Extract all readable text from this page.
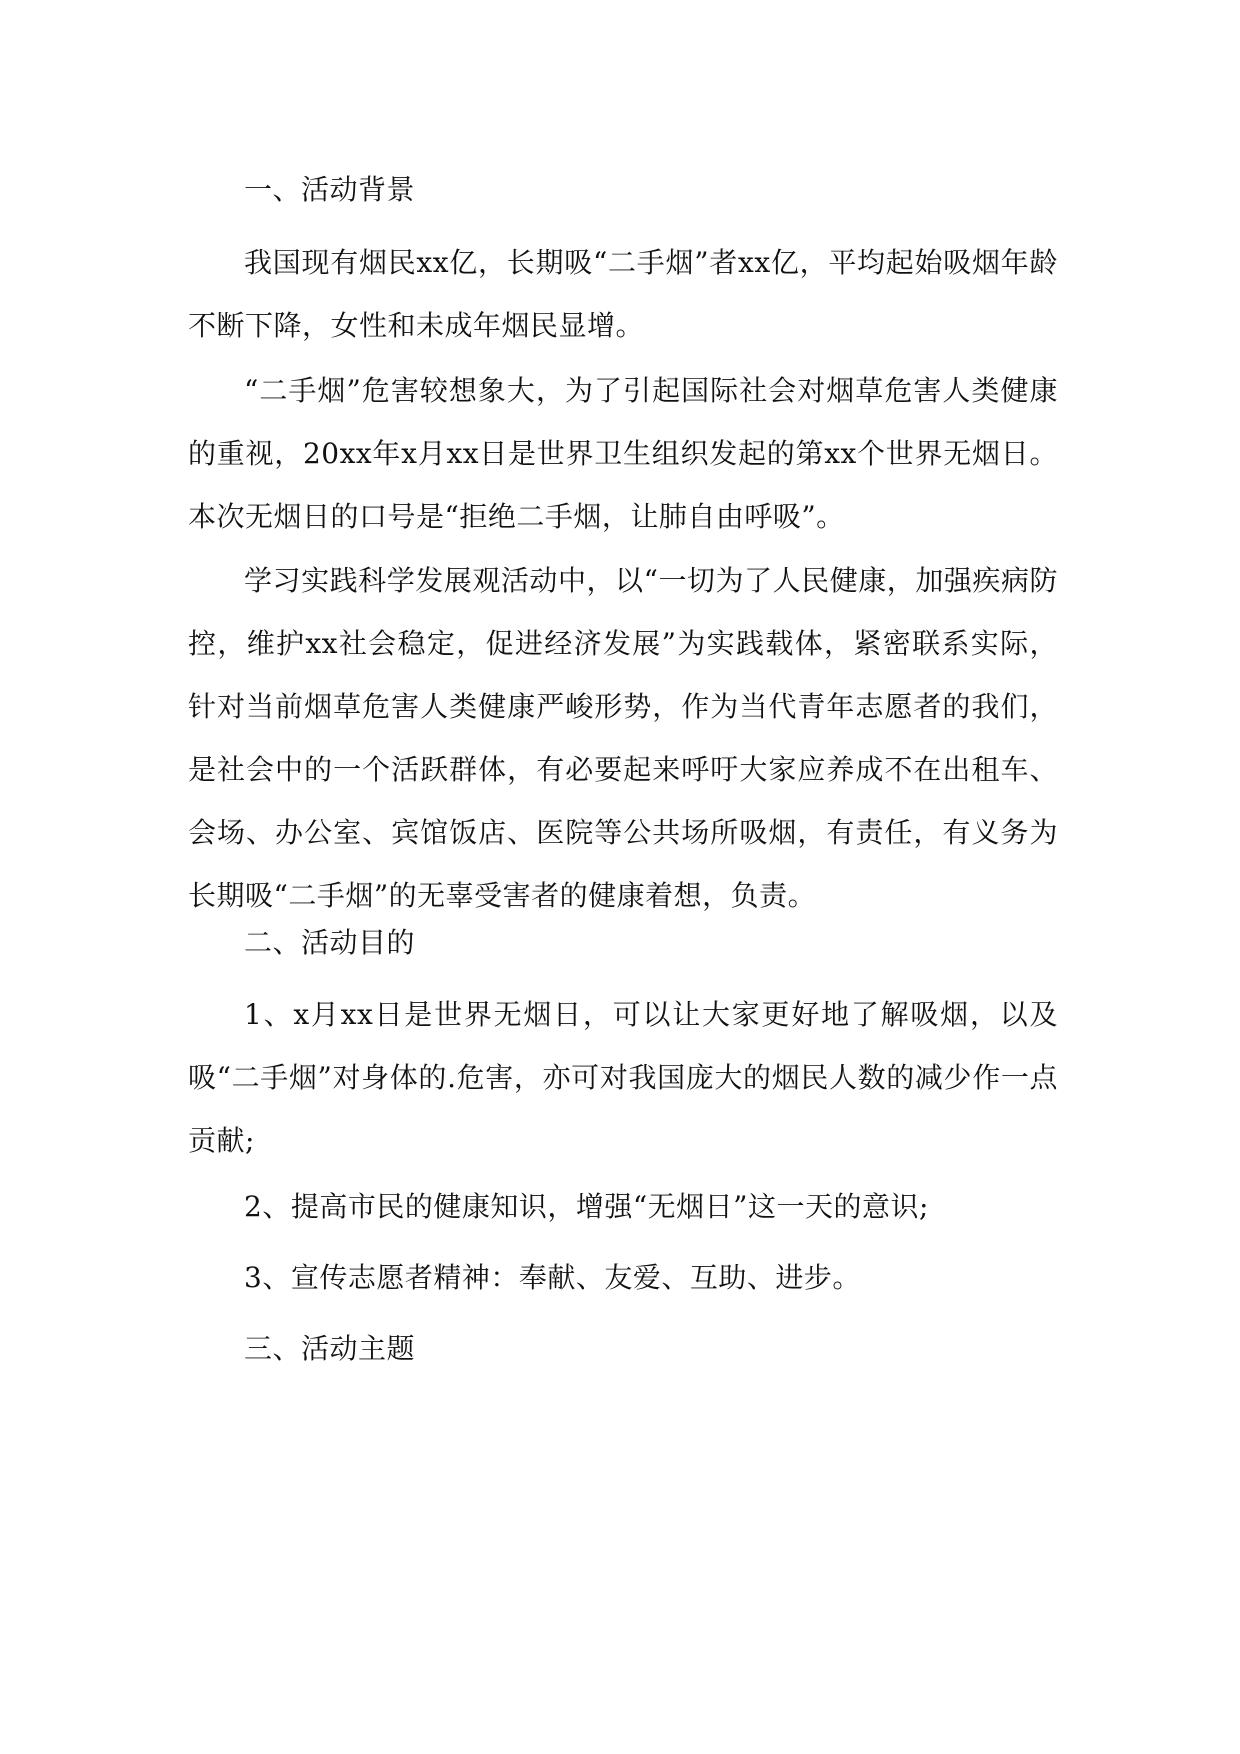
一、活动背景

我国现有烟民xx亿，长期吸“二手烟”者xx亿，平均起始吸烟年龄不断下降，女性和未成年烟民显增。

“二手烟”危害较想象大，为了引起国际社会对烟草危害人类健康的重视，20xx年x月xx日是世界卫生组织发起的第xx个世界无烟日。本次无烟日的口号是“拒绝二手烟，让肺自由呼吸”。

学习实践科学发展观活动中，以“一切为了人民健康，加强疾病防控，维护xx社会稳定，促进经济发展”为实践载体，紧密联系实际，针对当前烟草危害人类健康严峻形势，作为当代青年志愿者的我们，是社会中的一个活跃群体，有必要起来呼吁大家应养成不在出租车、会场、办公室、宾馆饭店、医院等公共场所吸烟，有责任，有义务为长期吸“二手烟”的无辜受害者的健康着想，负责。

二、活动目的

1、x月xx日是世界无烟日，可以让大家更好地了解吸烟，以及吸“二手烟”对身体的.危害，亦可对我国庞大的烟民人数的减少作一点贡献;

2、提高市民的健康知识，增强“无烟日”这一天的意识;

3、宣传志愿者精神：奉献、友爱、互助、进步。

三、活动主题
